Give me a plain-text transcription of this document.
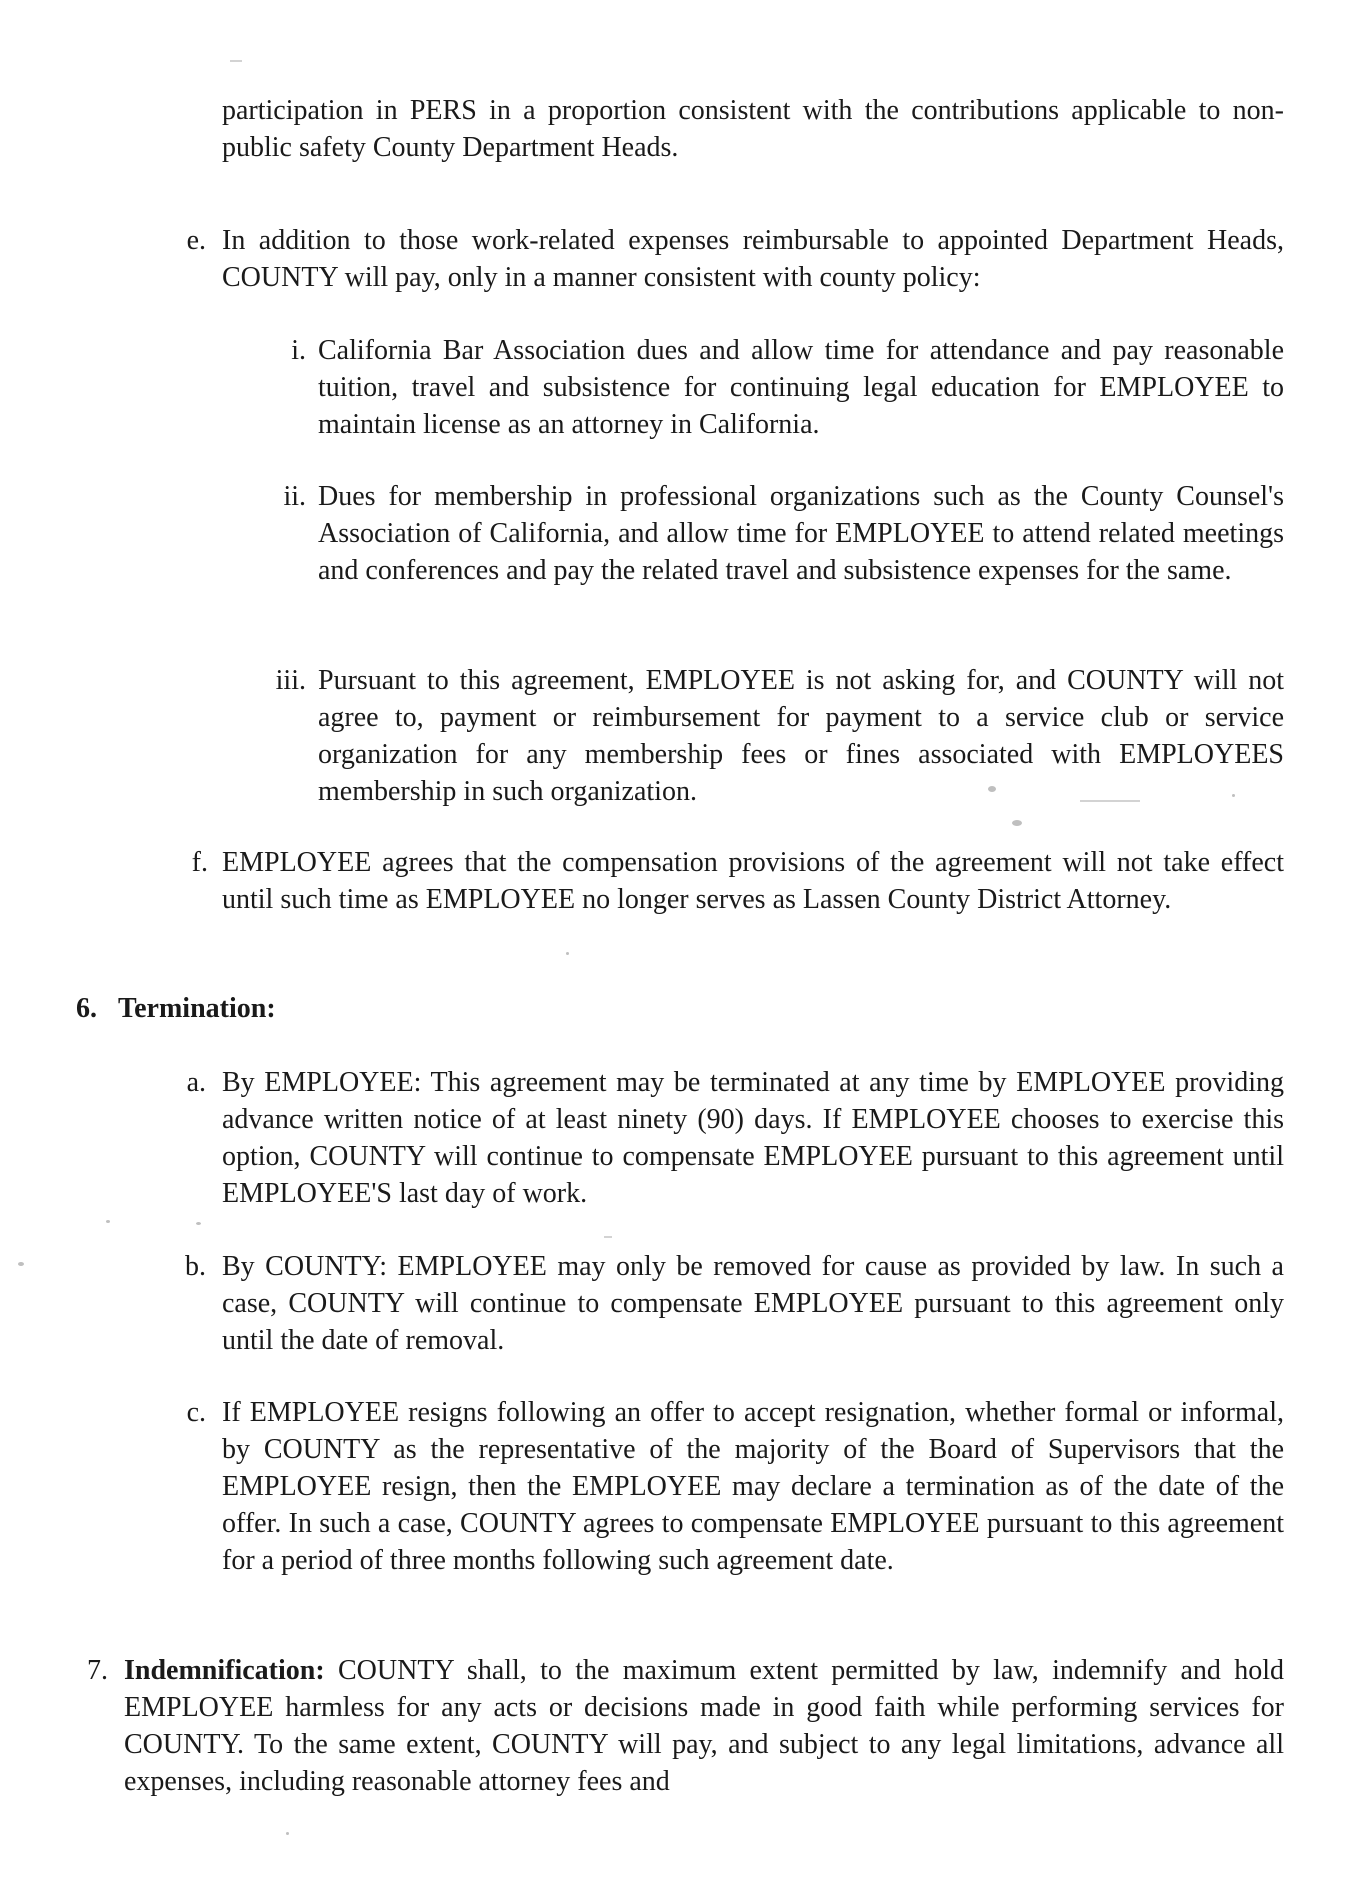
participation in PERS in a proportion consistent with the contributions applicable to non- public safety County Department Heads.

e. In addition to those work-related expenses reimbursable to appointed Department Heads, COUNTY will pay, only in a manner consistent with county policy:
i. California Bar Association dues and allow time for attendance and pay reasonable tuition, travel and subsistence for continuing legal education for EMPLOYEE to maintain license as an attorney in California.
ii. Dues for membership in professional organizations such as the County Counsel's Association of California, and allow time for EMPLOYEE to attend related meetings and conferences and pay the related travel and subsistence expenses for the same.
iii. Pursuant to this agreement, EMPLOYEE is not asking for, and COUNTY will not agree to, payment or reimbursement for payment to a service club or service organization for any membership fees or fines associated with EMPLOYEES membership in such organization.
f. EMPLOYEE agrees that the compensation provisions of the agreement will not take effect until such time as EMPLOYEE no longer serves as Lassen County District Attorney.
6. Termination:
a. By EMPLOYEE: This agreement may be terminated at any time by EMPLOYEE providing advance written notice of at least ninety (90) days. If EMPLOYEE chooses to exercise this option, COUNTY will continue to compensate EMPLOYEE pursuant to this agreement until EMPLOYEE'S last day of work.
b. By COUNTY: EMPLOYEE may only be removed for cause as provided by law. In such a case, COUNTY will continue to compensate EMPLOYEE pursuant to this agreement only until the date of removal.
c. If EMPLOYEE resigns following an offer to accept resignation, whether formal or informal, by COUNTY as the representative of the majority of the Board of Supervisors that the EMPLOYEE resign, then the EMPLOYEE may declare a termination as of the date of the offer. In such a case, COUNTY agrees to compensate EMPLOYEE pursuant to this agreement for a period of three months following such agreement date.
7. Indemnification: COUNTY shall, to the maximum extent permitted by law, indemnify and hold EMPLOYEE harmless for any acts or decisions made in good faith while performing services for COUNTY. To the same extent, COUNTY will pay, and subject to any legal limitations, advance all expenses, including reasonable attorney fees and
